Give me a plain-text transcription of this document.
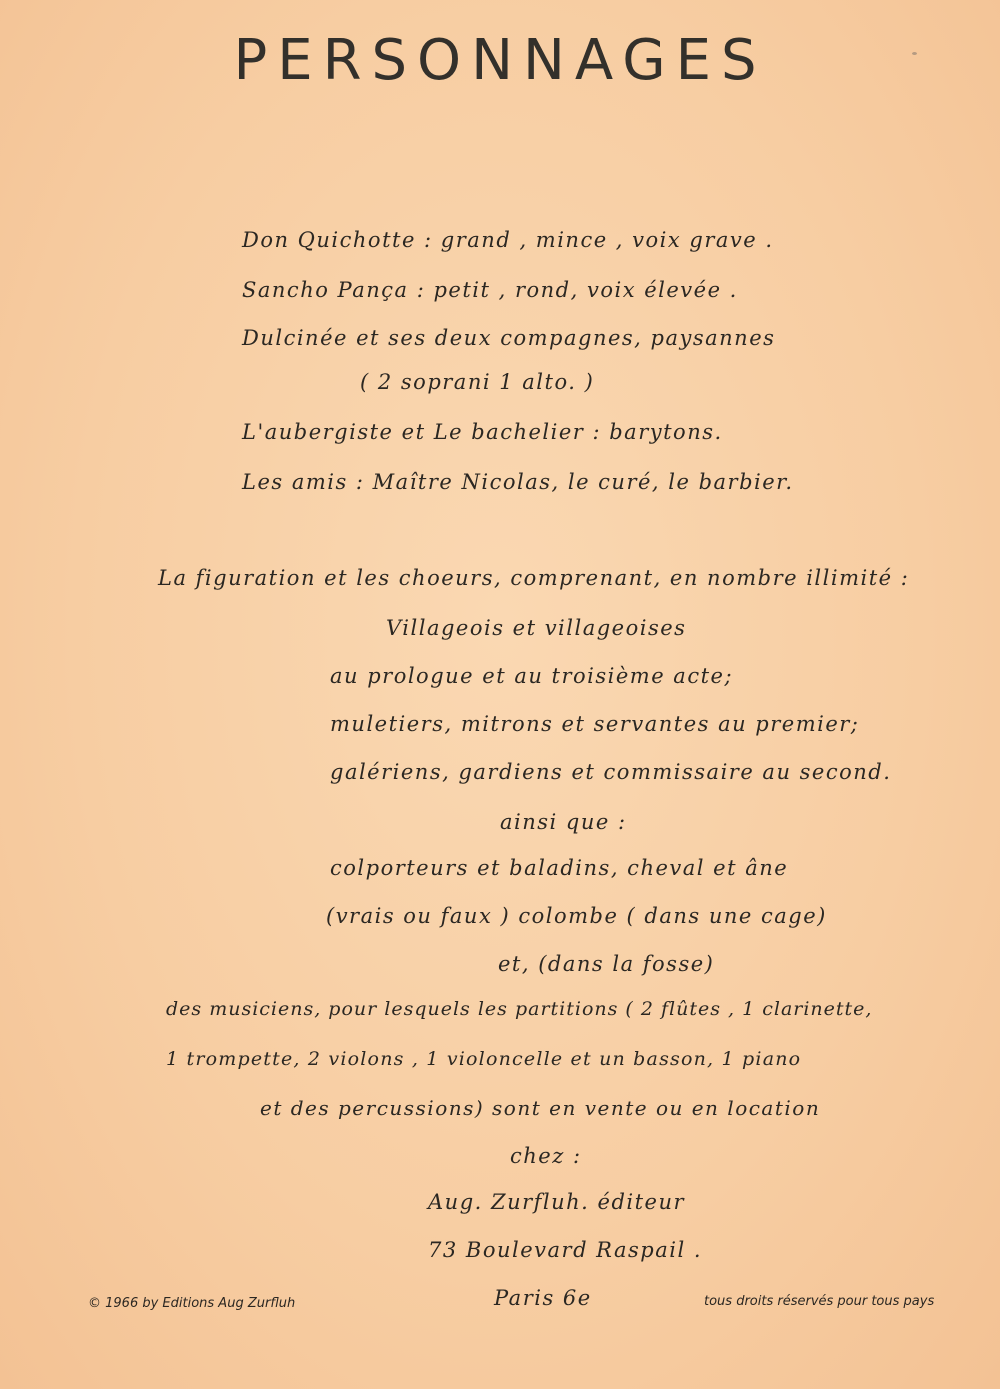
PERSONNAGES
Don Quichotte : grand , mince , voix grave .
Sancho Pança : petit , rond, voix élevée .
Dulcinée et ses deux compagnes, paysannes
( 2 soprani 1 alto. )
L'aubergiste et Le bachelier : barytons.
Les amis : Maître Nicolas, le curé, le barbier.
La figuration et les choeurs, comprenant, en nombre illimité :
Villageois et villageoises
au prologue et au troisième acte;
muletiers, mitrons et servantes au premier;
galériens, gardiens et commissaire au second.
ainsi que :
colporteurs et baladins, cheval et âne
(vrais ou faux ) colombe ( dans une cage)
et, (dans la fosse)
des musiciens, pour lesquels les partitions ( 2 flûtes , 1 clarinette,
1 trompette, 2 violons , 1 violoncelle et un basson, 1 piano
et des percussions) sont en vente ou en location
chez :
Aug. Zurfluh. éditeur
73 Boulevard Raspail .
© 1966 by Editions Aug Zurfluh	Paris 6e	tous droits réservés pour tous pays
